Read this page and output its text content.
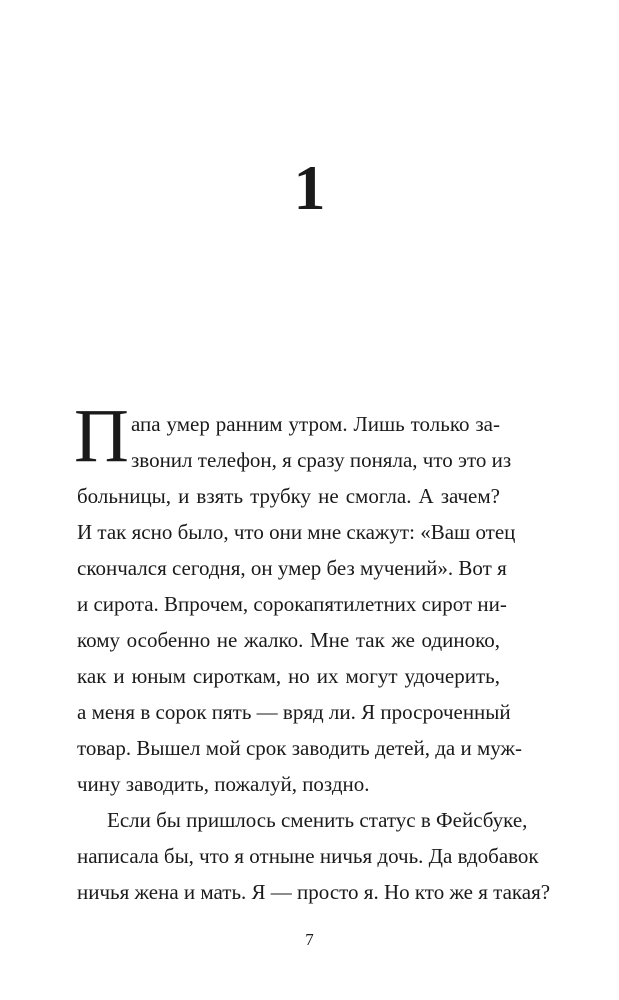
1
П апа умер ранним утром. Лишь только за-
звонил телефон, я сразу поняла, что это из
больницы, и взять трубку не смогла. А зачем?
И так ясно было, что они мне скажут: «Ваш отец
скончался сегодня, он умер без мучений». Вот я
и сирота. Впрочем, сорокапятилетних сирот ни-
кому особенно не жалко. Мне так же одиноко,
как и юным сироткам, но их могут удочерить,
а меня в сорок пять — вряд ли. Я просроченный
товар. Вышел мой срок заводить детей, да и муж-
чину заводить, пожалуй, поздно.
Если бы пришлось сменить статус в Фейсбуке,
написала бы, что я отныне ничья дочь. Да вдобавок
ничья жена и мать. Я — просто я. Но кто же я такая?
7
